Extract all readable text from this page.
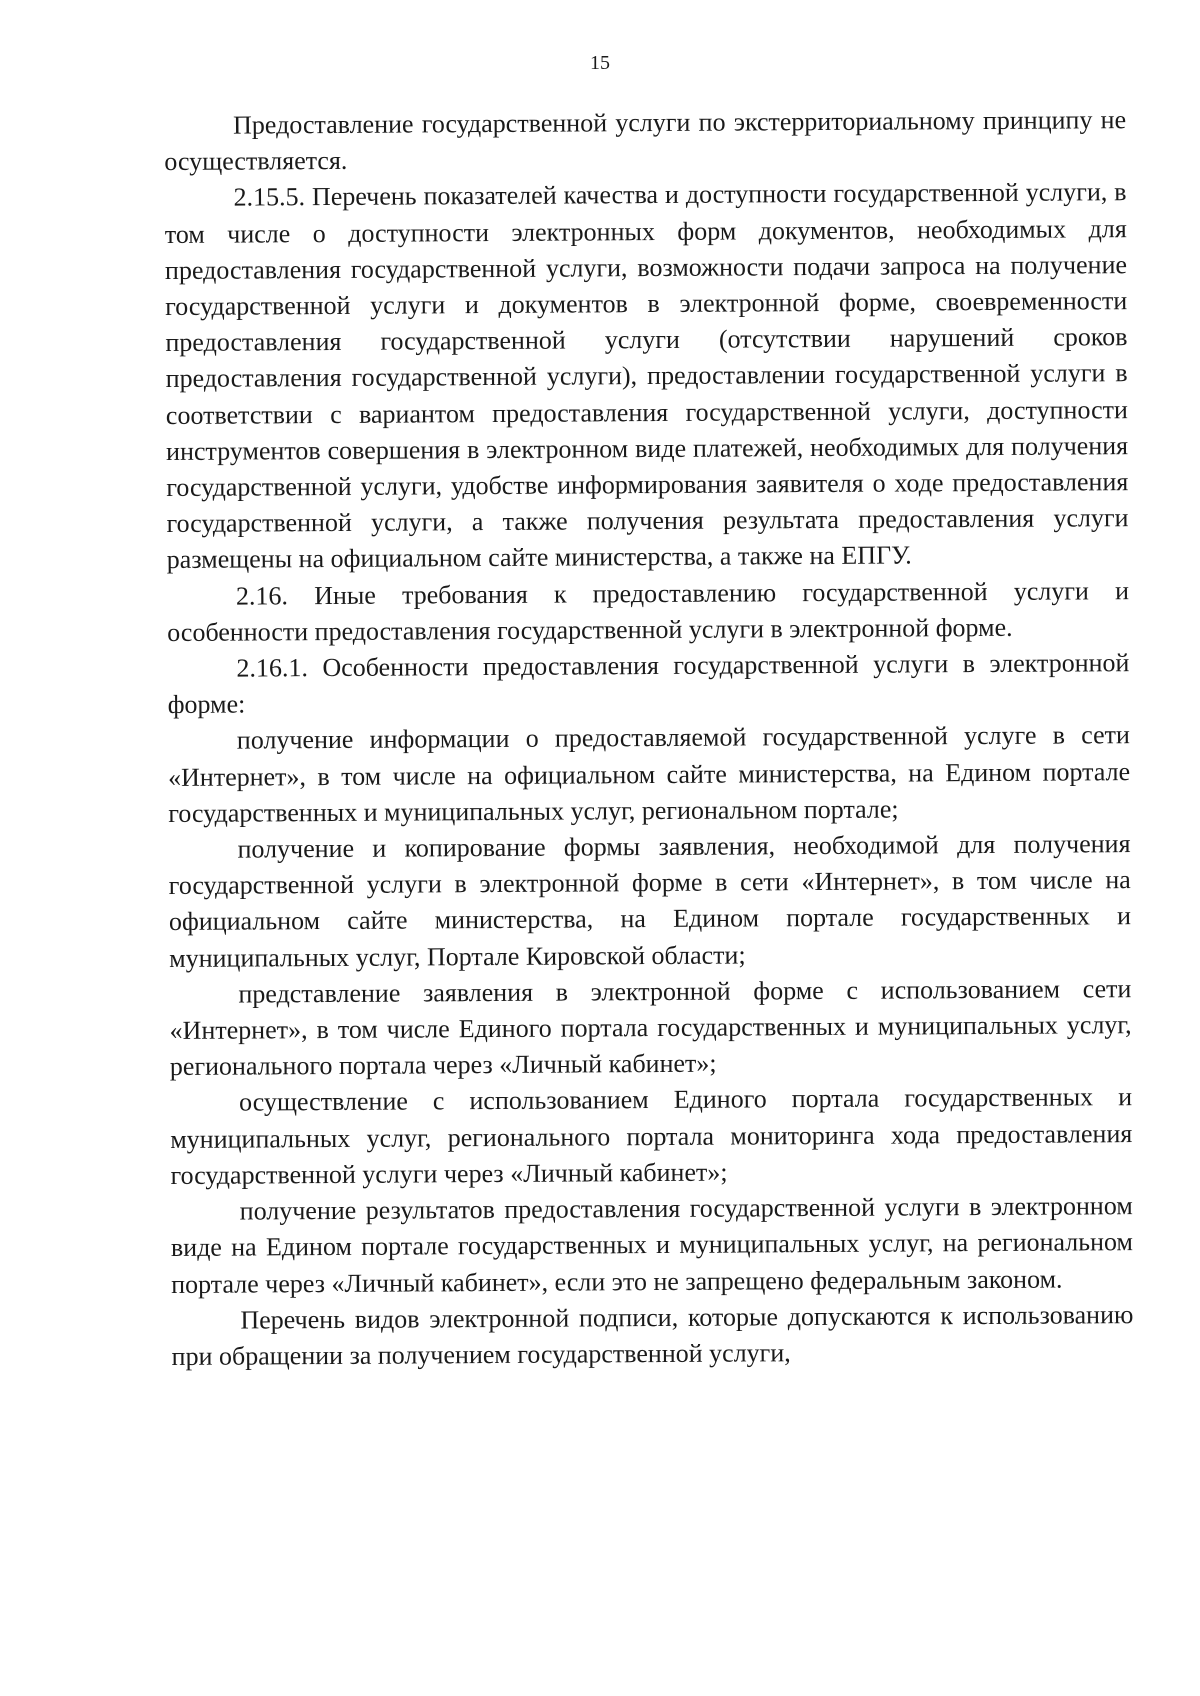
15

Предоставление государственной услуги по экстерриториальному принципу не осуществляется.

2.15.5. Перечень показателей качества и доступности государственной услуги, в том числе о доступности электронных форм документов, необходимых для предоставления государственной услуги, возможности подачи запроса на получение государственной услуги и документов в электронной форме, своевременности предоставления государственной услуги (отсутствии нарушений сроков предоставления государственной услуги), предоставлении государственной услуги в соответствии с вариантом предоставления государственной услуги, доступности инструментов совершения в электронном виде платежей, необходимых для получения государственной услуги, удобстве информирования заявителя о ходе предоставления государственной услуги, а также получения результата предоставления услуги размещены на официальном сайте министерства, а также на ЕПГУ.

2.16. Иные требования к предоставлению государственной услуги и особенности предоставления государственной услуги в электронной форме.

2.16.1. Особенности предоставления государственной услуги в электронной форме:

получение информации о предоставляемой государственной услуге в сети «Интернет», в том числе на официальном сайте министерства, на Едином портале государственных и муниципальных услуг, региональном портале;

получение и копирование формы заявления, необходимой для получения государственной услуги в электронной форме в сети «Интернет», в том числе на официальном сайте министерства, на Едином портале государственных и муниципальных услуг, Портале Кировской области;

представление заявления в электронной форме с использованием сети «Интернет», в том числе Единого портала государственных и муниципальных услуг, регионального портала через «Личный кабинет»;

осуществление с использованием Единого портала государственных и муниципальных услуг, регионального портала мониторинга хода предоставления государственной услуги через «Личный кабинет»;

получение результатов предоставления государственной услуги в электронном виде на Едином портале государственных и муниципальных услуг, на региональном портале через «Личный кабинет», если это не запрещено федеральным законом.

Перечень видов электронной подписи, которые допускаются к использованию при обращении за получением государственной услуги,
